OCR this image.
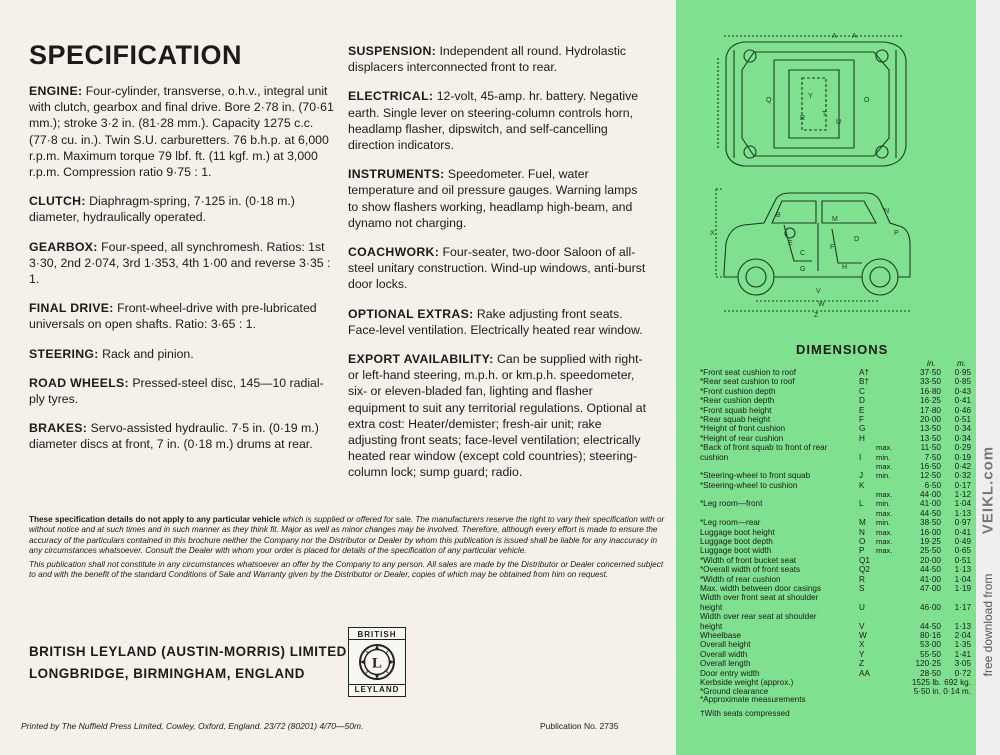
SPECIFICATION
ENGINE: Four-cylinder, transverse, o.h.v., integral unit with clutch, gearbox and final drive. Bore 2·78 in. (70·61 mm.); stroke 3·2 in. (81·28 mm.). Capacity 1275 c.c. (77·8 cu. in.). Twin S.U. carburetters. 76 b.h.p. at 6,000 r.p.m. Maximum torque 79 lbf. ft. (11 kgf. m.) at 3,000 r.p.m. Compression ratio 9·75 : 1.
CLUTCH: Diaphragm-spring, 7·125 in. (0·18 m.) diameter, hydraulically operated.
GEARBOX: Four-speed, all synchromesh. Ratios: 1st 3·30, 2nd 2·074, 3rd 1·353, 4th 1·00 and reverse 3·35 : 1.
FINAL DRIVE: Front-wheel-drive with pre-lubricated universals on open shafts. Ratio: 3·65 : 1.
STEERING: Rack and pinion.
ROAD WHEELS: Pressed-steel disc, 145—10 radial-ply tyres.
BRAKES: Servo-assisted hydraulic. 7·5 in. (0·19 m.) diameter discs at front, 7 in. (0·18 m.) drums at rear.
SUSPENSION: Independent all round. Hydrolastic displacers interconnected front to rear.
ELECTRICAL: 12-volt, 45-amp. hr. battery. Negative earth. Single lever on steering-column controls horn, headlamp flasher, dipswitch, and self-cancelling direction indicators.
INSTRUMENTS: Speedometer. Fuel, water temperature and oil pressure gauges. Warning lamps to show flashers working, headlamp high-beam, and dynamo not charging.
COACHWORK: Four-seater, two-door Saloon of all-steel unitary construction. Wind-up windows, anti-burst door locks.
OPTIONAL EXTRAS: Rake adjusting front seats. Face-level ventilation. Electrically heated rear window.
EXPORT AVAILABILITY: Can be supplied with right- or left-hand steering, m.p.h. or km.p.h. speedometer, six- or eleven-bladed fan, lighting and flasher equipment to suit any territorial regulations. Optional at extra cost: Heater/demister; fresh-air unit; rake adjusting front seats; face-level ventilation; electrically heated rear window (except cold countries); steering-column lock; sump guard; radio.

These specification details do not apply to any particular vehicle which is supplied or offered for sale. The manufacturers reserve the right to vary their specification with or without notice and at such times and in such manner as they think fit. Major as well as minor changes may be involved. Therefore, although every effort is made to ensure the accuracy of the particulars contained in this brochure neither the Company nor the Distributor or Dealer by whom this publication is issued shall be liable for any inaccuracy in any circumstances whatsoever. Consult the Dealer with whom your order is placed for details of the specification of any particular vehicle.

This publication shall not constitute in any circumstances whatsoever an offer by the Company to any person. All sales are made by the Distributor or Dealer concerned subject to and with the benefit of the standard Conditions of Sale and Warranty given by the Distributor or Dealer, copies of which may be obtained from him on request.

BRITISH LEYLAND (AUSTIN-MORRIS) LIMITED
LONGBRIDGE, BIRMINGHAM, ENGLAND
BRITISH
L
LEYLAND
Printed by The Nuffield Press Limited, Cowley, Oxford, England. 23/72 (80201) 4/70—50m.	Publication No. 2735
A A
Q
Y
T
R
U
O
B
N
M
E
D
F
C
P
H
G
V
W
X
Z
DIMENSIONS
in.	m.
*Front seat cushion to roof	A†	37·50	0·95
*Rear seat cushion to roof	B†	33·50	0·85
*Front cushion depth	C	16·80	0·43
*Rear cushion depth	D	16·25	0·41
*Front squab height	E	17·80	0·46
*Rear squab height	F	20·00	0·51
*Height of front cushion	G	13·50	0·34
*Height of rear cushion	H	13·50	0·34
*Back of front squab to front of rear	max.	11·50	0·29
cushion	I min.	7·50	0·19
max.	16·50	0·42
*Steering-wheel to front squab	J min.	12·50	0·32
*Steering-wheel to cushion	K	6·50	0·17
max.	44·00	1·12
*Leg room—front	L min.	41·00	1·04
max.	44·50	1·13
*Leg room—rear	M min.	38·50	0·97
Luggage boot height	N max.	16·00	0·41
Luggage boot depth	O max.	19·25	0·49
Luggage boot width	P max.	25·50	0·65
*Width of front bucket seat	Q1	20·00	0·51
*Overall width of front seats	Q2	44·50	1·13
*Width of rear cushion	R	41·00	1·04
Max. width between door casings	S	47·00	1·19
Width over front seat at shoulder
height	U	46·00	1·17
Width over rear seat at shoulder
height	V	44·50	1·13
Wheelbase	W	80·16	2·04
Overall height	X	53·00	1·35
Overall width	Y	55·50	1·41
Overall length	Z	120·25	3·05
Door entry width	AA	28·50	0·72
Kerbside weight (approx.)	1525 lb. 692 kg.
*Ground clearance	5·50 in. 0·14 m.
*Approximate measurements
†With seats compressed
free download from
VEIKL.com
